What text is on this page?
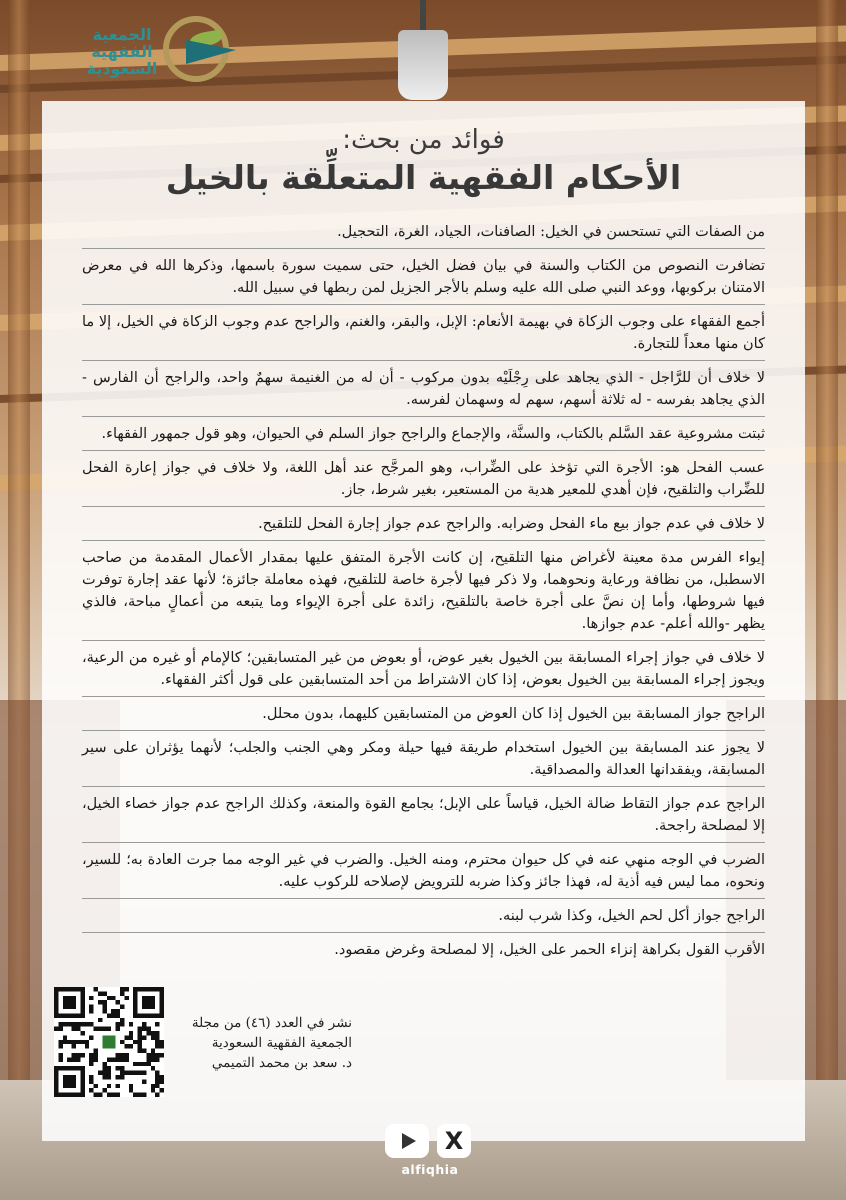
الجمعية
الفقهية
السعودية
فوائد من بحث:
الأحكام الفقهية المتعلِّقة بالخيل
من الصفات التي تستحسن في الخيل: الصافنات، الجياد، الغرة، التحجيل.
تضافرت النصوص من الكتاب والسنة في بيان فضل الخيل، حتى سميت سورة باسمها، وذكرها الله في معرض الامتنان بركوبها، ووعد النبي صلى الله عليه وسلم بالأجر الجزيل لمن ربطها في سبيل الله.
أجمع الفقهاء على وجوب الزكاة في بهيمة الأنعام: الإبل، والبقر، والغنم، والراجح عدم وجوب الزكاة في الخيل، إلا ما كان منها معداً للتجارة.
لا خلاف أن للرَّاجل - الذي يجاهد على رِجْلَيْه بدون مركوب - أن له من الغنيمة سهمٌ واحد، والراجح أن الفارس - الذي يجاهد بفرسه - له ثلاثة أسهم، سهم له وسهمان لفرسه.
ثبتت مشروعية عقد السَّلم بالكتاب، والسنَّة، والإجماع والراجح جواز السلم في الحيوان، وهو قول جمهور الفقهاء.
عسب الفحل هو: الأجرة التي تؤخذ على الضِّراب، وهو المرجَّح عند أهل اللغة، ولا خلاف في جواز إعارة الفحل للضِّراب والتلقيح، فإن أهدي للمعير هدية من المستعير، بغير شرط، جاز.
لا خلاف في عدم جواز بيع ماء الفحل وضرابه. والراجح عدم جواز إجارة الفحل للتلقيح.
إيواء الفرس مدة معينة لأغراض منها التلقيح، إن كانت الأجرة المتفق عليها بمقدار الأعمال المقدمة من صاحب الاسطبل، من نظافة ورعاية ونحوهما، ولا ذكر فيها لأجرة خاصة للتلقيح، فهذه معاملة جائزة؛ لأنها عقد إجارة توفرت فيها شروطها، وأما إن نصَّ على أجرة خاصة بالتلقيح، زائدة على أجرة الإيواء وما يتبعه من أعمالٍ مباحة، فالذي يظهر -والله أعلم- عدم جوازها.
لا خلاف في جواز إجراء المسابقة بين الخيول بغير عوض، أو بعوض من غير المتسابقين؛ كالإمام أو غيره من الرعية، ويجوز إجراء المسابقة بين الخيول بعوض، إذا كان الاشتراط من أحد المتسابقين على قول أكثر الفقهاء.
الراجح جواز المسابقة بين الخيول إذا كان العوض من المتسابقين كليهما، بدون محلل.
لا يجوز عند المسابقة بين الخيول استخدام طريقة فيها حيلة ومكر وهي الجنب والجلب؛ لأنهما يؤثران على سير المسابقة، ويفقدانها العدالة والمصداقية.
الراجح عدم جواز التقاط ضالة الخيل، قياساً على الإبل؛ بجامع القوة والمنعة، وكذلك الراجح عدم جواز خصاء الخيل، إلا لمصلحة راجحة.
الضرب في الوجه منهي عنه في كل حيوان محترم، ومنه الخيل. والضرب في غير الوجه مما جرت العادة به؛ للسير، ونحوه، مما ليس فيه أذية له، فهذا جائز وكذا ضربه للترويض لإصلاحه للركوب عليه.
الراجح جواز أكل لحم الخيل، وكذا شرب لبنه.
الأقرب القول بكراهة إنزاء الحمر على الخيل، إلا لمصلحة وغرض مقصود.
نشر في العدد (٤٦) من مجلة
الجمعية الفقهية السعودية
د. سعد بن محمد التميمي
X
alfiqhia
